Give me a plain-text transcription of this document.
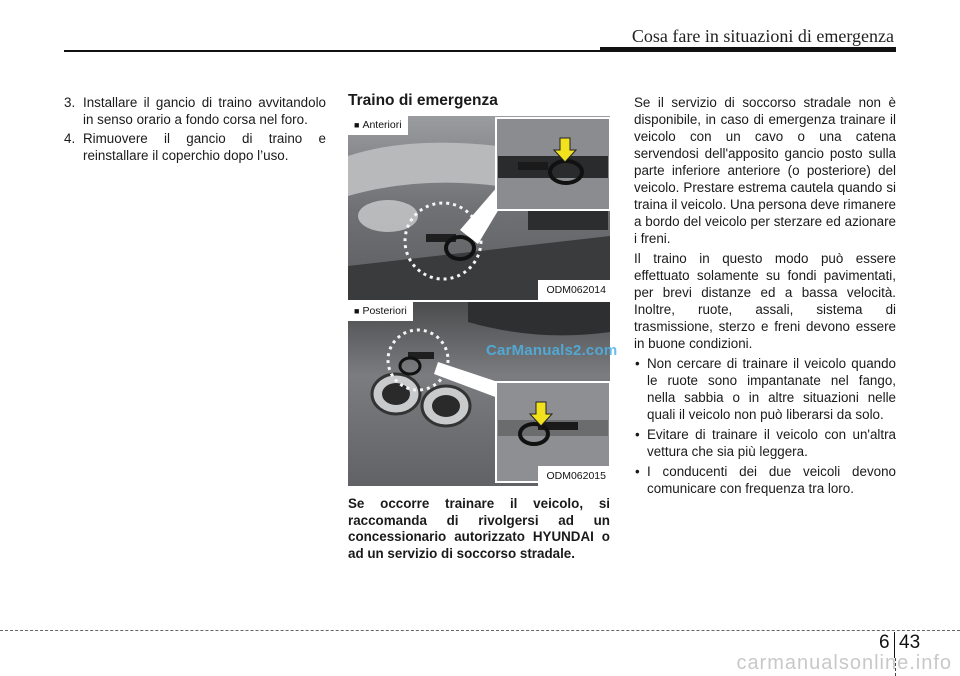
Cosa fare in situazioni di emergenza
3. Installare il gancio di traino avvitandolo in senso orario a fondo corsa nel foro.
4. Rimuovere il gancio di traino e reinstallare il coperchio dopo l’uso.
Traino di emergenza
■ Anteriori
ODM062014
■ Posteriori
ODM062015
Se occorre trainare il veicolo, si raccomanda di rivolgersi ad un concessionario autorizzato HYUNDAI o ad un servizio di soccorso stradale.

Se il servizio di soccorso stradale non è disponibile, in caso di emergenza trainare il veicolo con un cavo o una catena servendosi dell'apposito gancio posto sulla parte inferiore anteriore (o posteriore) del veicolo. Prestare estrema cautela quando si traina il veicolo. Una persona deve rimanere a bordo del veicolo per sterzare ed azionare i freni.

Il traino in questo modo può essere effettuato solamente su fondi pavimentati, per brevi distanze ed a bassa velocità. Inoltre, ruote, assali, sistema di trasmissione, sterzo e freni devono essere in buone condizioni.

• Non cercare di trainare il veicolo quando le ruote sono impantanate nel fango, nella sabbia o in altre situazioni nelle quali il veicolo non può liberarsi da solo.
• Evitare di trainare il veicolo con un'altra vettura che sia più leggera.
• I conducenti dei due veicoli devono comunicare con frequenza tra loro.
CarManuals2.com
6 43
carmanualsonline.info
